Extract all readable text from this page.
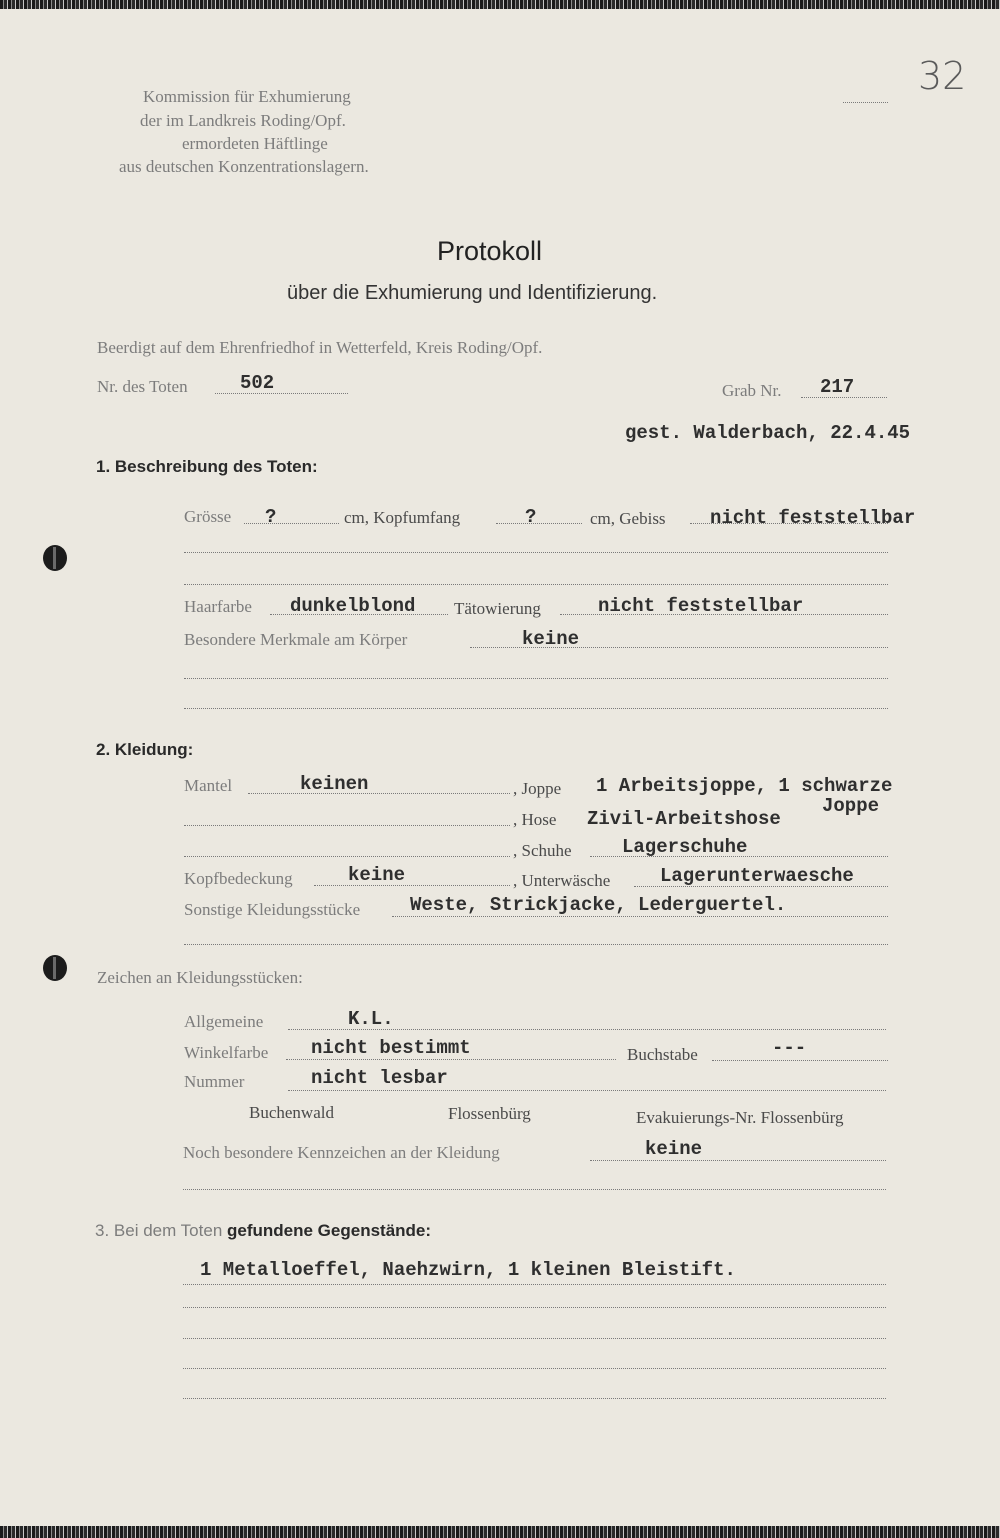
32
Kommission für Exhumierung
der im Landkreis Roding/Opf.
ermordeten Häftlinge
aus deutschen Konzentrationslagern.
Protokoll
über die Exhumierung und Identifizierung.
Beerdigt auf dem Ehrenfriedhof in Wetterfeld, Kreis Roding/Opf.
Nr. des Toten	502	Grab Nr. 217
gest. Walderbach, 22.4.45
1. Beschreibung des Toten:
Grösse ?	cm, Kopfumfang	?	cm, Gebiss nicht feststellbar
Haarfarbe dunkelblond Tätowierung	nicht feststellbar
Besondere Merkmale am Körper	keine
2. Kleidung:
Mantel	keinen	, Joppe 1 Arbeitsjoppe, 1 schwarze
Joppe
, Hose Zivil-Arbeitshose
, Schuhe	Lagerschuhe
Kopfbedeckung	keine	, Unterwäsche	Lagerunterwaesche
Sonstige Kleidungsstücke	Weste, Strickjacke, Lederguertel.
Zeichen an Kleidungsstücken:
Allgemeine	K.L.
Winkelfarbe nicht bestimmt	Buchstabe	---
Nummer	nicht lesbar
Buchenwald	Flossenbürg	Evakuierungs-Nr. Flossenbürg
Noch besondere Kennzeichen an der Kleidung	keine
3. Bei dem Toten gefundene Gegenstände:
1 Metalloeffel, Naehzwirn, 1 kleinen Bleistift.
